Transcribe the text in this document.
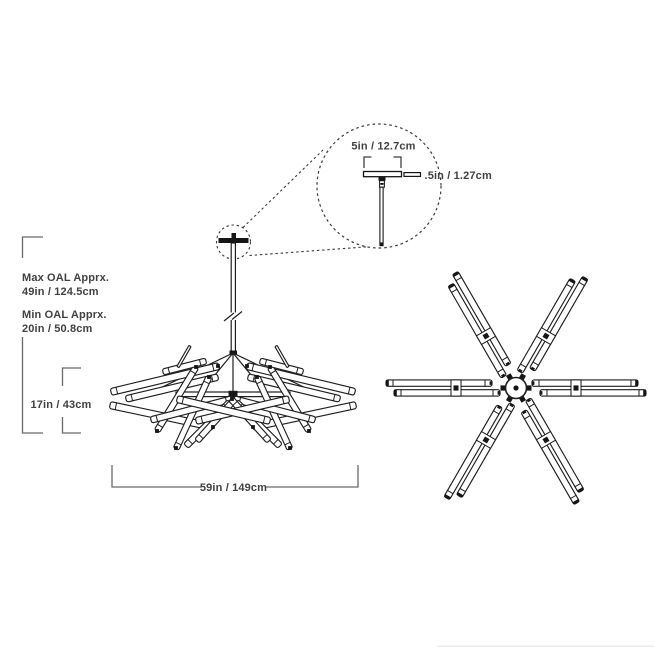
5in / 12.7cm
.5in / 1.27cm
Max OAL Apprx.
49in / 124.5cm
Min OAL Apprx.
20in / 50.8cm
17in / 43cm
59in / 149cm
